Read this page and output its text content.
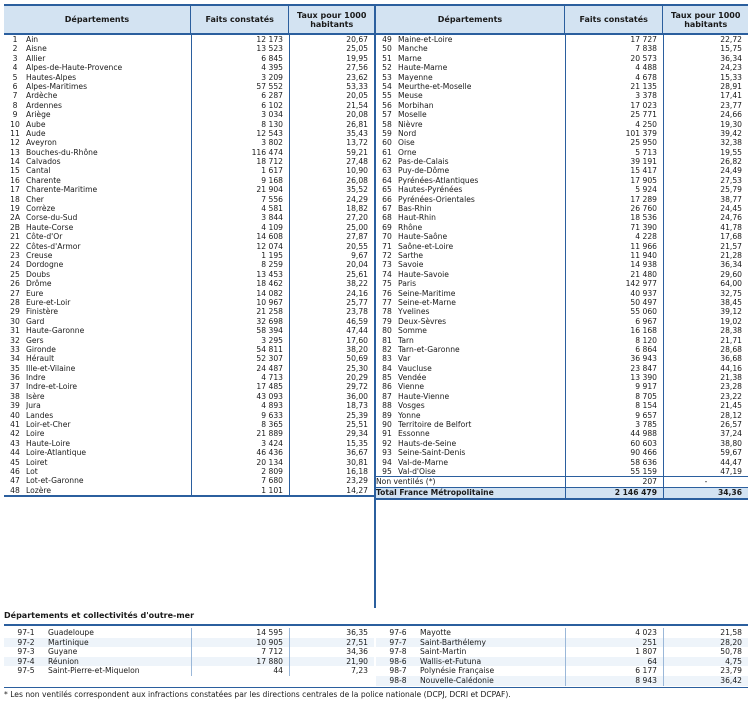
Départements	Faits constatés	Taux pour 1000 habitants
1	Ain	12 173	20,67
2	Aisne	13 523	25,05
3	Allier	6 845	19,95
4	Alpes-de-Haute-Provence	4 395	27,56
5	Hautes-Alpes	3 209	23,62
6	Alpes-Maritimes	57 552	53,33
7	Ardèche	6 287	20,05
8	Ardennes	6 102	21,54
9	Ariège	3 034	20,08
10 Aube	8 130	26,81
11 Aude	12 543	35,43
12 Aveyron	3 802	13,72
13 Bouches-du-Rhône	116 474	59,21
14 Calvados	18 712	27,48
15 Cantal	1 617	10,90
16 Charente	9 168	26,08
17 Charente-Maritime	21 904	35,52
18 Cher	7 556	24,29
19 Corrèze	4 581	18,82
2A Corse-du-Sud	3 844	27,20
2B Haute-Corse	4 109	25,00
21 Côte-d'Or	14 608	27,87
22 Côtes-d'Armor	12 074	20,55
23 Creuse	1 195	9,67
24 Dordogne	8 259	20,04
25 Doubs	13 453	25,61
26 Drôme	18 462	38,22
27 Eure	14 082	24,16
28 Eure-et-Loir	10 967	25,77
29 Finistère	21 258	23,78
30 Gard	32 698	46,59
31 Haute-Garonne	58 394	47,44
32 Gers	3 295	17,60
33 Gironde	54 811	38,20
34 Hérault	52 307	50,69
35 Ille-et-Vilaine	24 487	25,30
36 Indre	4 713	20,29
37 Indre-et-Loire	17 485	29,72
38 Isère	43 093	36,00
39 Jura	4 893	18,73
40 Landes	9 633	25,39
41 Loir-et-Cher	8 365	25,51
42 Loire	21 889	29,34
43 Haute-Loire	3 424	15,35
44 Loire-Atlantique	46 436	36,67
45 Loiret	20 134	30,81
46 Lot	2 809	16,18
47 Lot-et-Garonne	7 680	23,29
48 Lozère	1 101	14,27
Départements	Faits constatés	Taux pour 1000 habitants
49 Maine-et-Loire	17 727	22,72
50 Manche	7 838	15,75
51 Marne	20 573	36,34
52 Haute-Marne	4 488	24,23
53 Mayenne	4 678	15,33
54 Meurthe-et-Moselle	21 135	28,91
55 Meuse	3 378	17,41
56 Morbihan	17 023	23,77
57 Moselle	25 771	24,66
58 Nièvre	4 250	19,30
59 Nord	101 379	39,42
60 Oise	25 950	32,38
61 Orne	5 713	19,55
62 Pas-de-Calais	39 191	26,82
63 Puy-de-Dôme	15 417	24,49
64 Pyrénées-Atlantiques	17 905	27,53
65 Hautes-Pyrénées	5 924	25,79
66 Pyrénées-Orientales	17 289	38,77
67 Bas-Rhin	26 760	24,45
68 Haut-Rhin	18 536	24,76
69 Rhône	71 390	41,78
70 Haute-Saône	4 228	17,68
71 Saône-et-Loire	11 966	21,57
72 Sarthe	11 940	21,28
73 Savoie	14 938	36,34
74 Haute-Savoie	21 480	29,60
75 Paris	142 977	64,00
76 Seine-Maritime	40 937	32,75
77 Seine-et-Marne	50 497	38,45
78 Yvelines	55 060	39,12
79 Deux-Sèvres	6 967	19,02
80 Somme	16 168	28,38
81 Tarn	8 120	21,71
82 Tarn-et-Garonne	6 864	28,68
83 Var	36 943	36,68
84 Vaucluse	23 847	44,16
85 Vendée	13 390	21,38
86 Vienne	9 917	23,28
87 Haute-Vienne	8 705	23,22
88 Vosges	8 154	21,45
89 Yonne	9 657	28,12
90 Territoire de Belfort	3 785	26,57
91 Essonne	44 988	37,24
92 Hauts-de-Seine	60 603	38,80
93 Seine-Saint-Denis	90 466	59,67
94 Val-de-Marne	58 636	44,47
95 Val-d'Oise	55 159	47,19
Non ventilés (*)	207	-
Total France Métropolitaine	2 146 479	34,36
Départements et collectivités d'outre-mer
97-1	Guadeloupe	14 595	36,35
97-2	Martinique	10 905	27,51
97-3	Guyane	7 712	34,36
97-4	Réunion	17 880	21,90
97-5	Saint-Pierre-et-Miquelon	44	7,23
97-6	Mayotte	4 023	21,58
97-7	Saint-Barthélemy	251	28,20
97-8	Saint-Martin	1 807	50,78
98-6	Wallis-et-Futuna	64	4,75
98-7	Polynésie Française	6 177	23,79
98-8	Nouvelle-Calédonie	8 943	36,42
* Les non ventilés correspondent aux infractions constatées par les directions centrales de la police nationale (DCPJ, DCRI et DCPAF).
